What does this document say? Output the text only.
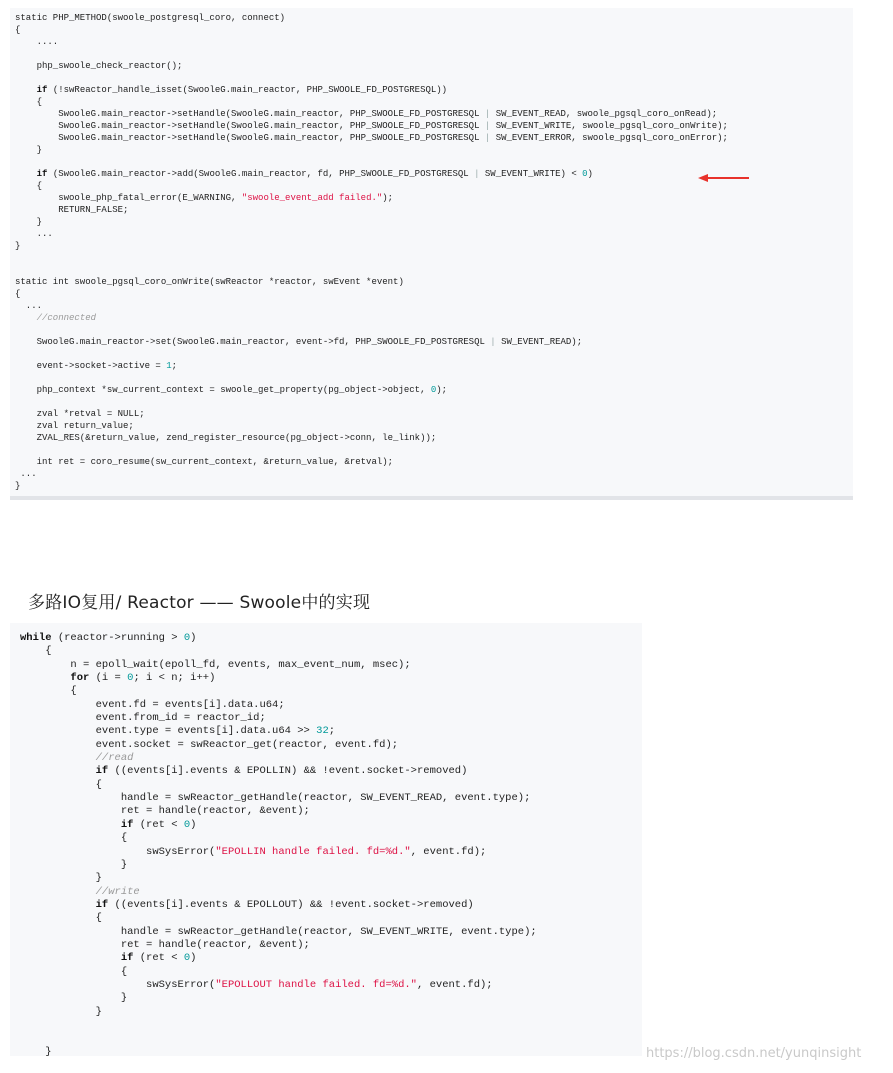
static PHP_METHOD(swoole_postgresql_coro, connect)
{
....

php_swoole_check_reactor();

if (!swReactor_handle_isset(SwooleG.main_reactor, PHP_SWOOLE_FD_POSTGRESQL))
{
SwooleG.main_reactor->setHandle(SwooleG.main_reactor, PHP_SWOOLE_FD_POSTGRESQL | SW_EVENT_READ, swoole_pgsql_coro_onRead);
SwooleG.main_reactor->setHandle(SwooleG.main_reactor, PHP_SWOOLE_FD_POSTGRESQL | SW_EVENT_WRITE, swoole_pgsql_coro_onWrite);
SwooleG.main_reactor->setHandle(SwooleG.main_reactor, PHP_SWOOLE_FD_POSTGRESQL | SW_EVENT_ERROR, swoole_pgsql_coro_onError);
}

if (SwooleG.main_reactor->add(SwooleG.main_reactor, fd, PHP_SWOOLE_FD_POSTGRESQL | SW_EVENT_WRITE) < 0)
{
swoole_php_fatal_error(E_WARNING, "swoole_event_add failed.");
RETURN_FALSE;
}
...
}

static int swoole_pgsql_coro_onWrite(swReactor *reactor, swEvent *event)
{
...
//connected

SwooleG.main_reactor->set(SwooleG.main_reactor, event->fd, PHP_SWOOLE_FD_POSTGRESQL | SW_EVENT_READ);

event->socket->active = 1;

php_context *sw_current_context = swoole_get_property(pg_object->object, 0);

zval *retval = NULL;
zval return_value;
ZVAL_RES(&return_value, zend_register_resource(pg_object->conn, le_link));

int ret = coro_resume(sw_current_context, &return_value, &retval);
...
}
多路IO复用/ Reactor —— Swoole中的实现
while (reactor->running > 0)
{
n = epoll_wait(epoll_fd, events, max_event_num, msec);
for (i = 0; i < n; i++)
{
event.fd = events[i].data.u64;
event.from_id = reactor_id;
event.type = events[i].data.u64 >> 32;
event.socket = swReactor_get(reactor, event.fd);
//read
if ((events[i].events & EPOLLIN) && !event.socket->removed)
{
handle = swReactor_getHandle(reactor, SW_EVENT_READ, event.type);
ret = handle(reactor, &event);
if (ret < 0)
{
swSysError("EPOLLIN handle failed. fd=%d.", event.fd);
}
}
//write
if ((events[i].events & EPOLLOUT) && !event.socket->removed)
{
handle = swReactor_getHandle(reactor, SW_EVENT_WRITE, event.type);
ret = handle(reactor, &event);
if (ret < 0)
{
swSysError("EPOLLOUT handle failed. fd=%d.", event.fd);
}
}

}	https://blog.csdn.net/yunqinsight
